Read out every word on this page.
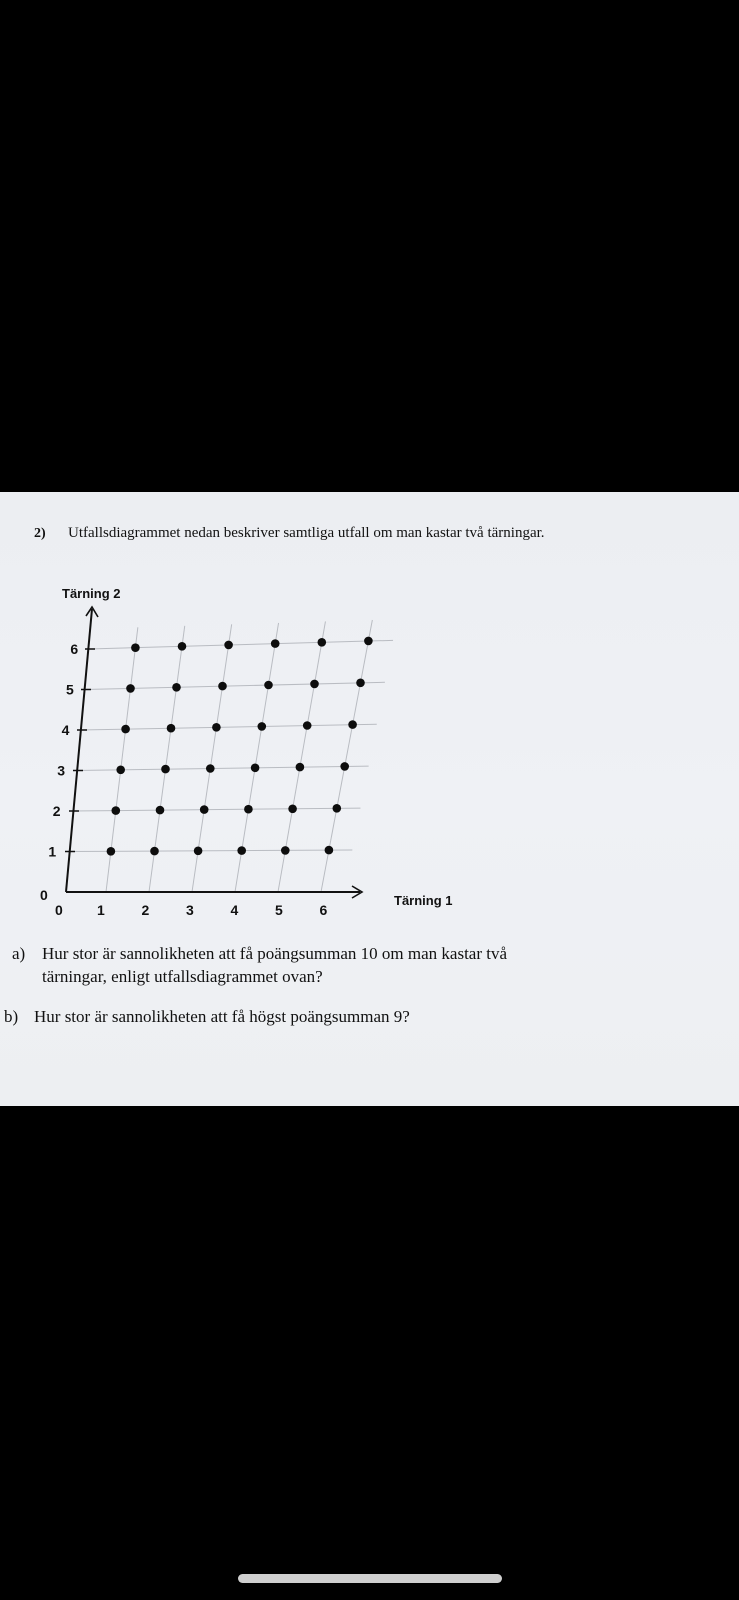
2) Utfallsdiagrammet nedan beskriver samtliga utfall om man kastar två tärningar.
0 1	2	3	4	5	6
0
1
2
3
4
5
6
Tärning 2
Tärning 1
a) Hur stor är sannolikheten att få poängsumman 10 om man kastar två
tärningar, enligt utfallsdiagrammet ovan?
b) Hur stor är sannolikheten att få högst poängsumman 9?
